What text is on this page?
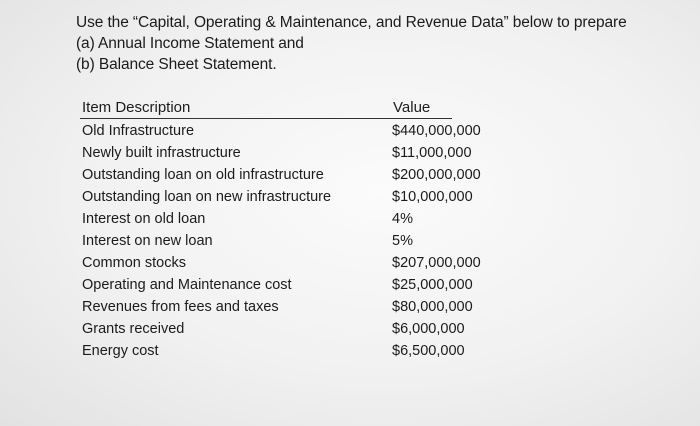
Use the “Capital, Operating & Maintenance, and Revenue Data” below to prepare
(a) Annual Income Statement and
(b) Balance Sheet Statement.
Item Description	Value
Old Infrastructure	$440,000,000
Newly built infrastructure	$11,000,000
Outstanding loan on old infrastructure	$200,000,000
Outstanding loan on new infrastructure	$10,000,000
Interest on old loan	4%
Interest on new loan	5%
Common stocks	$207,000,000
Operating and Maintenance cost	$25,000,000
Revenues from fees and taxes	$80,000,000
Grants received	$6,000,000
Energy cost	$6,500,000
